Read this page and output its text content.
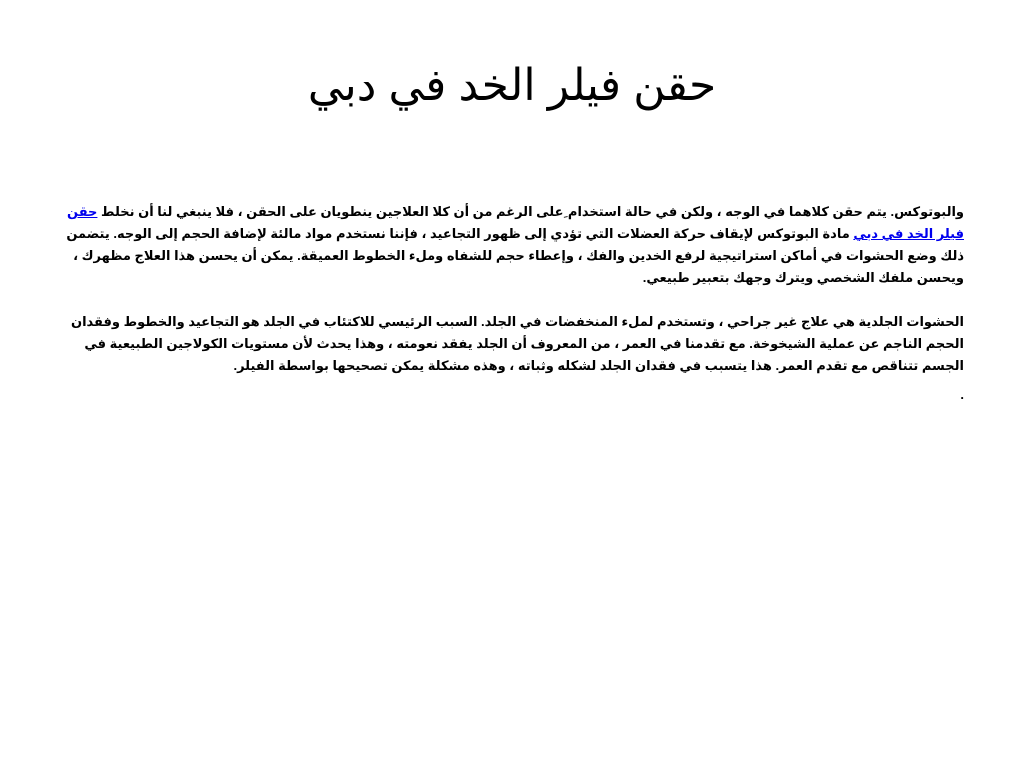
حقن فيلر الخد في دبي

والبوتوكس. يتم حقن كلاهما في الوجه ، ولكن في حالة استخدام ِعلى الرغم من أن كلا العلاجين ينطويان على الحقن ، فلا ينبغي لنا أن نخلط حقن فيلر الخد في دبي مادة البوتوكس لإيقاف حركة العضلات التي تؤدي إلى ظهور التجاعيد ، فإننا نستخدم مواد مالئة لإضافة الحجم إلى الوجه. يتضمن ذلك وضع الحشوات في أماكن استراتيجية لرفع الخدين والفك ، وإعطاء حجم للشفاه وملء الخطوط العميقة. يمكن أن يحسن هذا العلاج مظهرك ، ويحسن ملفك الشخصي ويترك وجهك بتعبير طبيعي.

الحشوات الجلدية هي علاج غير جراحي ، وتستخدم لملء المنخفضات في الجلد. السبب الرئيسي للاكتئاب في الجلد هو التجاعيد والخطوط وفقدان الحجم الناجم عن عملية الشيخوخة. مع تقدمنا في العمر ، من المعروف أن الجلد يفقد نعومته ، وهذا يحدث لأن مستويات الكولاجين الطبيعية في الجسم تتناقص مع تقدم العمر. هذا يتسبب في فقدان الجلد لشكله وثباته ، وهذه مشكلة يمكن تصحيحها بواسطة الفيلر.

.
